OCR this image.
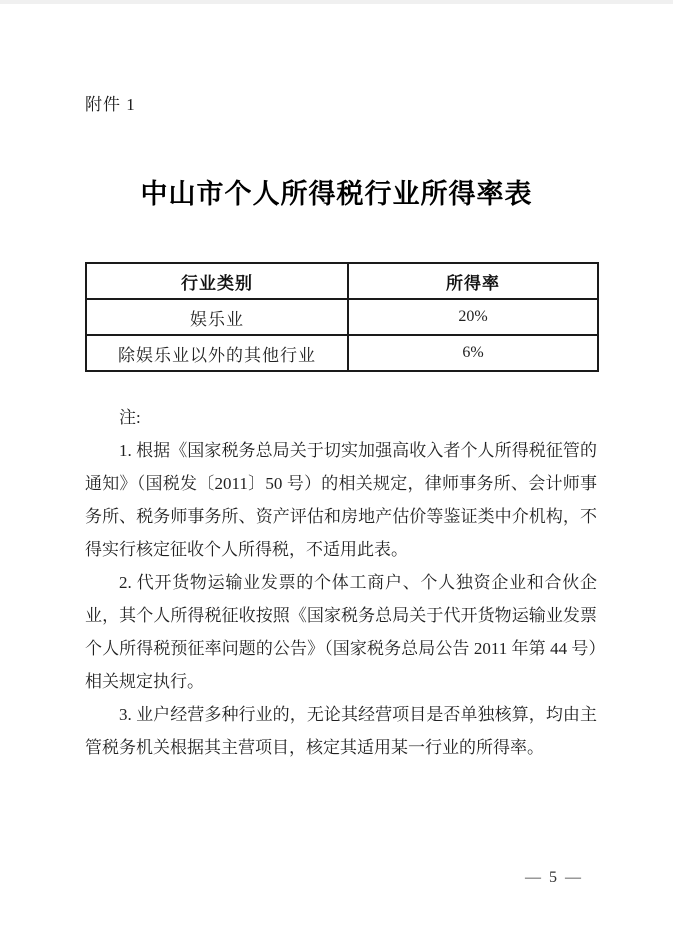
附件 1
中山市个人所得税行业所得率表
行业类别	所得率
娱乐业	20%
除娱乐业以外的其他行业	6%

注:

1. 根据《国家税务总局关于切实加强高收入者个人所得税征管的通知》（国税发〔2011〕50 号）的相关规定，律师事务所、会计师事务所、税务师事务所、资产评估和房地产估价等鉴证类中介机构，不得实行核定征收个人所得税，不适用此表。

2. 代开货物运输业发票的个体工商户、个人独资企业和合伙企业，其个人所得税征收按照《国家税务总局关于代开货物运输业发票个人所得税预征率问题的公告》（国家税务总局公告 2011 年第 44 号）相关规定执行。

3. 业户经营多种行业的，无论其经营项目是否单独核算，均由主管税务机关根据其主营项目，核定其适用某一行业的所得率。

— 5 —
